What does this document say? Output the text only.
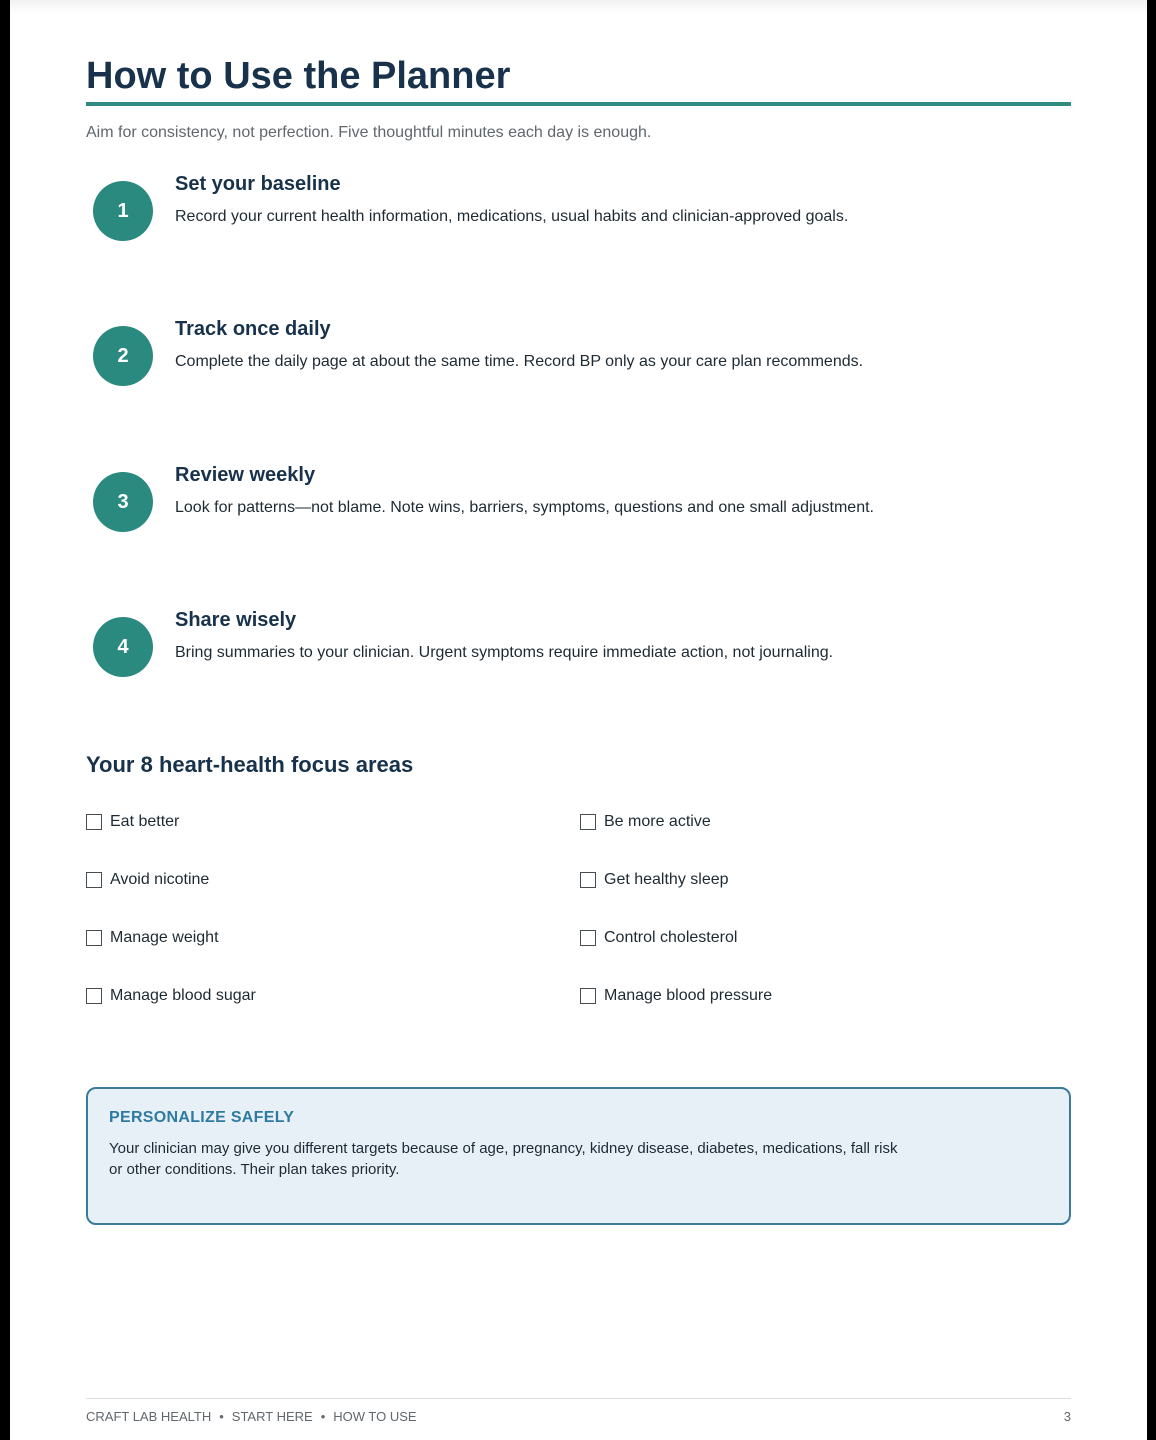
How to Use the Planner
Aim for consistency, not perfection. Five thoughtful minutes each day is enough.
1
Set your baseline
Record your current health information, medications, usual habits and clinician-approved goals.
2
Track once daily
Complete the daily page at about the same time. Record BP only as your care plan recommends.
3
Review weekly
Look for patterns—not blame. Note wins, barriers, symptoms, questions and one small adjustment.
4
Share wisely
Bring summaries to your clinician. Urgent symptoms require immediate action, not journaling.
Your 8 heart-health focus areas
Eat better	Be more active
Avoid nicotine	Get healthy sleep
Manage weight	Control cholesterol
Manage blood sugar	Manage blood pressure
PERSONALIZE SAFELY
Your clinician may give you different targets because of age, pregnancy, kidney disease, diabetes, medications, fall risk or other conditions. Their plan takes priority.
CRAFT LAB HEALTH • START HERE • HOW TO USE	3
